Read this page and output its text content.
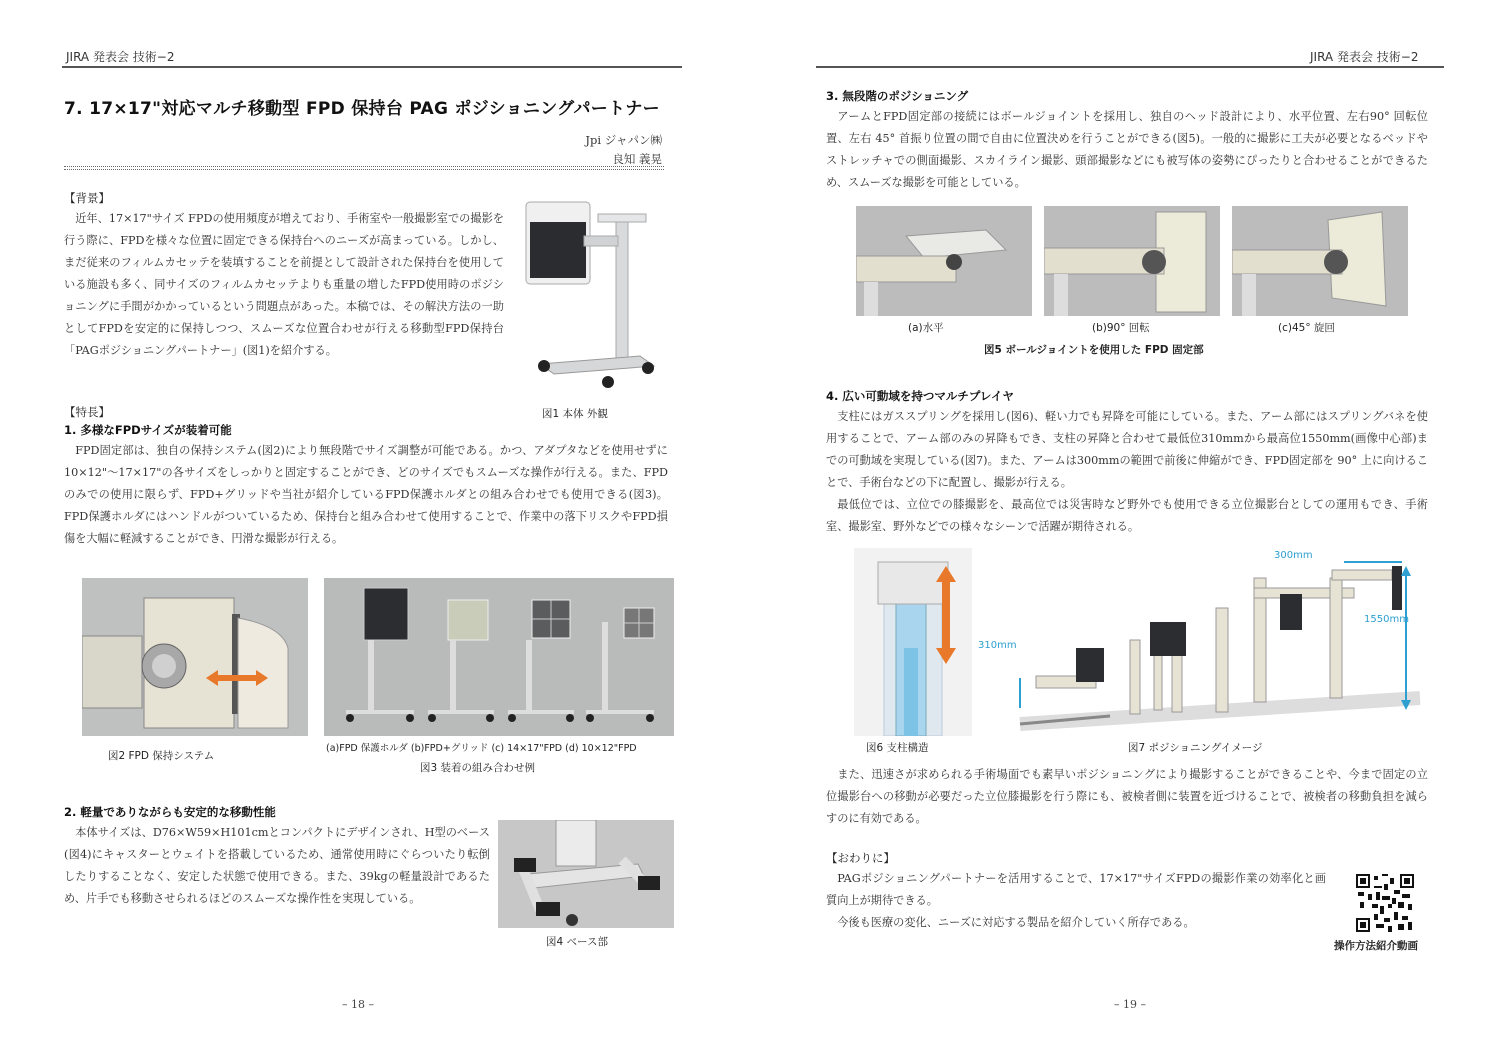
JIRA 発表会 技術−2
7. 17×17"対応マルチ移動型 FPD 保持台 PAG ポジショニングパートナー
Jpi ジャパン㈱
良知 義晃
【背景】
近年、17×17"サイズ FPDの使用頻度が増えており、手術室や一般撮影室での撮影を行う際に、FPDを様々な位置に固定できる保持台へのニーズが高まっている。しかし、まだ従来のフィルムカセッテを装填することを前提として設計された保持台を使用している施設も多く、同サイズのフィルムカセッテよりも重量の増したFPD使用時のポジショニングに手間がかかっているという問題点があった。本稿では、その解決方法の一助としてFPDを安定的に保持しつつ、スムーズな位置合わせが行える移動型FPD保持台「PAGポジショニングパートナー」(図1)を紹介する。
図1 本体 外観
【特長】
1. 多様なFPDサイズが装着可能
FPD固定部は、独自の保持システム(図2)により無段階でサイズ調整が可能である。かつ、アダプタなどを使用せずに10×12"～17×17"の各サイズをしっかりと固定することができ、どのサイズでもスムーズな操作が行える。また、FPDのみでの使用に限らず、FPD+グリッドや当社が紹介しているFPD保護ホルダとの組み合わせでも使用できる(図3)。FPD保護ホルダにはハンドルがついているため、保持台と組み合わせて使用することで、作業中の落下リスクやFPD損傷を大幅に軽減することができ、円滑な撮影が行える。
図2 FPD 保持システム
(a)FPD 保護ホルダ (b)FPD+グリッド (c) 14×17"FPD (d) 10×12"FPD
図3 装着の組み合わせ例
2. 軽量でありながらも安定的な移動性能
本体サイズは、D76×W59×H101cmとコンパクトにデザインされ、H型のベース(図4)にキャスターとウェイトを搭載しているため、通常使用時にぐらついたり転倒したりすることなく、安定した状態で使用できる。また、39kgの軽量設計であるため、片手でも移動させられるほどのスムーズな操作性を実現している。
図4 ベース部
– 18 –
JIRA 発表会 技術−2
3. 無段階のポジショニング
アームとFPD固定部の接続にはボールジョイントを採用し、独自のヘッド設計により、水平位置、左右90° 回転位置、左右 45° 首振り位置の間で自由に位置決めを行うことができる(図5)。一般的に撮影に工夫が必要となるベッドやストレッチャでの側面撮影、スカイライン撮影、頭部撮影などにも被写体の姿勢にぴったりと合わせることができるため、スムーズな撮影を可能としている。
(a)水平	(b)90° 回転	(c)45° 旋回
図5 ボールジョイントを使用した FPD 固定部
4. 広い可動域を持つマルチプレイヤ
支柱にはガススプリングを採用し(図6)、軽い力でも昇降を可能にしている。また、アーム部にはスプリングバネを使用することで、アーム部のみの昇降もでき、支柱の昇降と合わせて最低位310mmから最高位1550mm(画像中心部)までの可動域を実現している(図7)。また、アームは300mmの範囲で前後に伸縮ができ、FPD固定部を 90° 上に向けることで、手術台などの下に配置し、撮影が行える。
最低位では、立位での膝撮影を、最高位では災害時など野外でも使用できる立位撮影台としての運用もでき、手術室、撮影室、野外などでの様々なシーンで活躍が期待される。
図6 支柱構造
310mm
300mm
1550mm
図7 ポジショニングイメージ
また、迅速さが求められる手術場面でも素早いポジショニングにより撮影することができることや、今まで固定の立位撮影台への移動が必要だった立位膝撮影を行う際にも、被検者側に装置を近づけることで、被検者の移動負担を減らすのに有効である。
【おわりに】
PAGポジショニングパートナーを活用することで、17×17"サイズFPDの撮影作業の効率化と画質向上が期待できる。
今後も医療の変化、ニーズに対応する製品を紹介していく所存である。
操作方法紹介動画
– 19 –
